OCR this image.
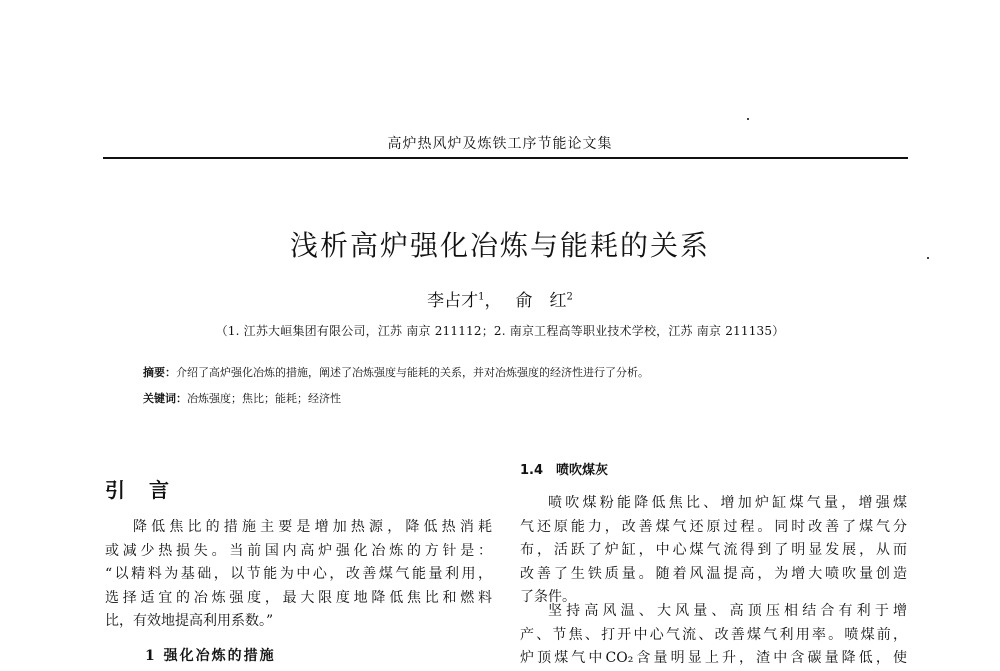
高炉热风炉及炼铁工序节能论文集
浅析高炉强化冶炼与能耗的关系
李占才$^1$， 俞　红$^2$
（1. 江苏大峘集团有限公司，江苏 南京 211112；2. 南京工程高等职业技术学校，江苏 南京 211135）
摘要：介绍了高炉强化冶炼的措施，阐述了冶炼强度与能耗的关系，并对冶炼强度的经济性进行了分析。
关键词：冶炼强度；焦比；能耗；经济性
引言

降低焦比的措施主要是增加热源，降低热消耗

或减少热损失。当前国内高炉强化冶炼的方针是：

“以精料为基础，以节能为中心，改善煤气能量利用，

选择适宜的冶炼强度，最大限度地降低焦比和燃料

比，有效地提高利用系数。”

1 强化冶炼的措施
1.4 喷吹煤灰

喷吹煤粉能降低焦比、增加炉缸煤气量，增强煤

气还原能力，改善煤气还原过程。同时改善了煤气分

布，活跃了炉缸，中心煤气流得到了明显发展，从而

改善了生铁质量。随着风温提高，为增大喷吹量创造

了条件。

坚持高风温、大风量、高顶压相结合有利于增

产、节焦、打开中心气流、改善煤气利用率。喷煤前，

炉顶煤气中CO₂含量明显上升，渣中含碳量降低，使
